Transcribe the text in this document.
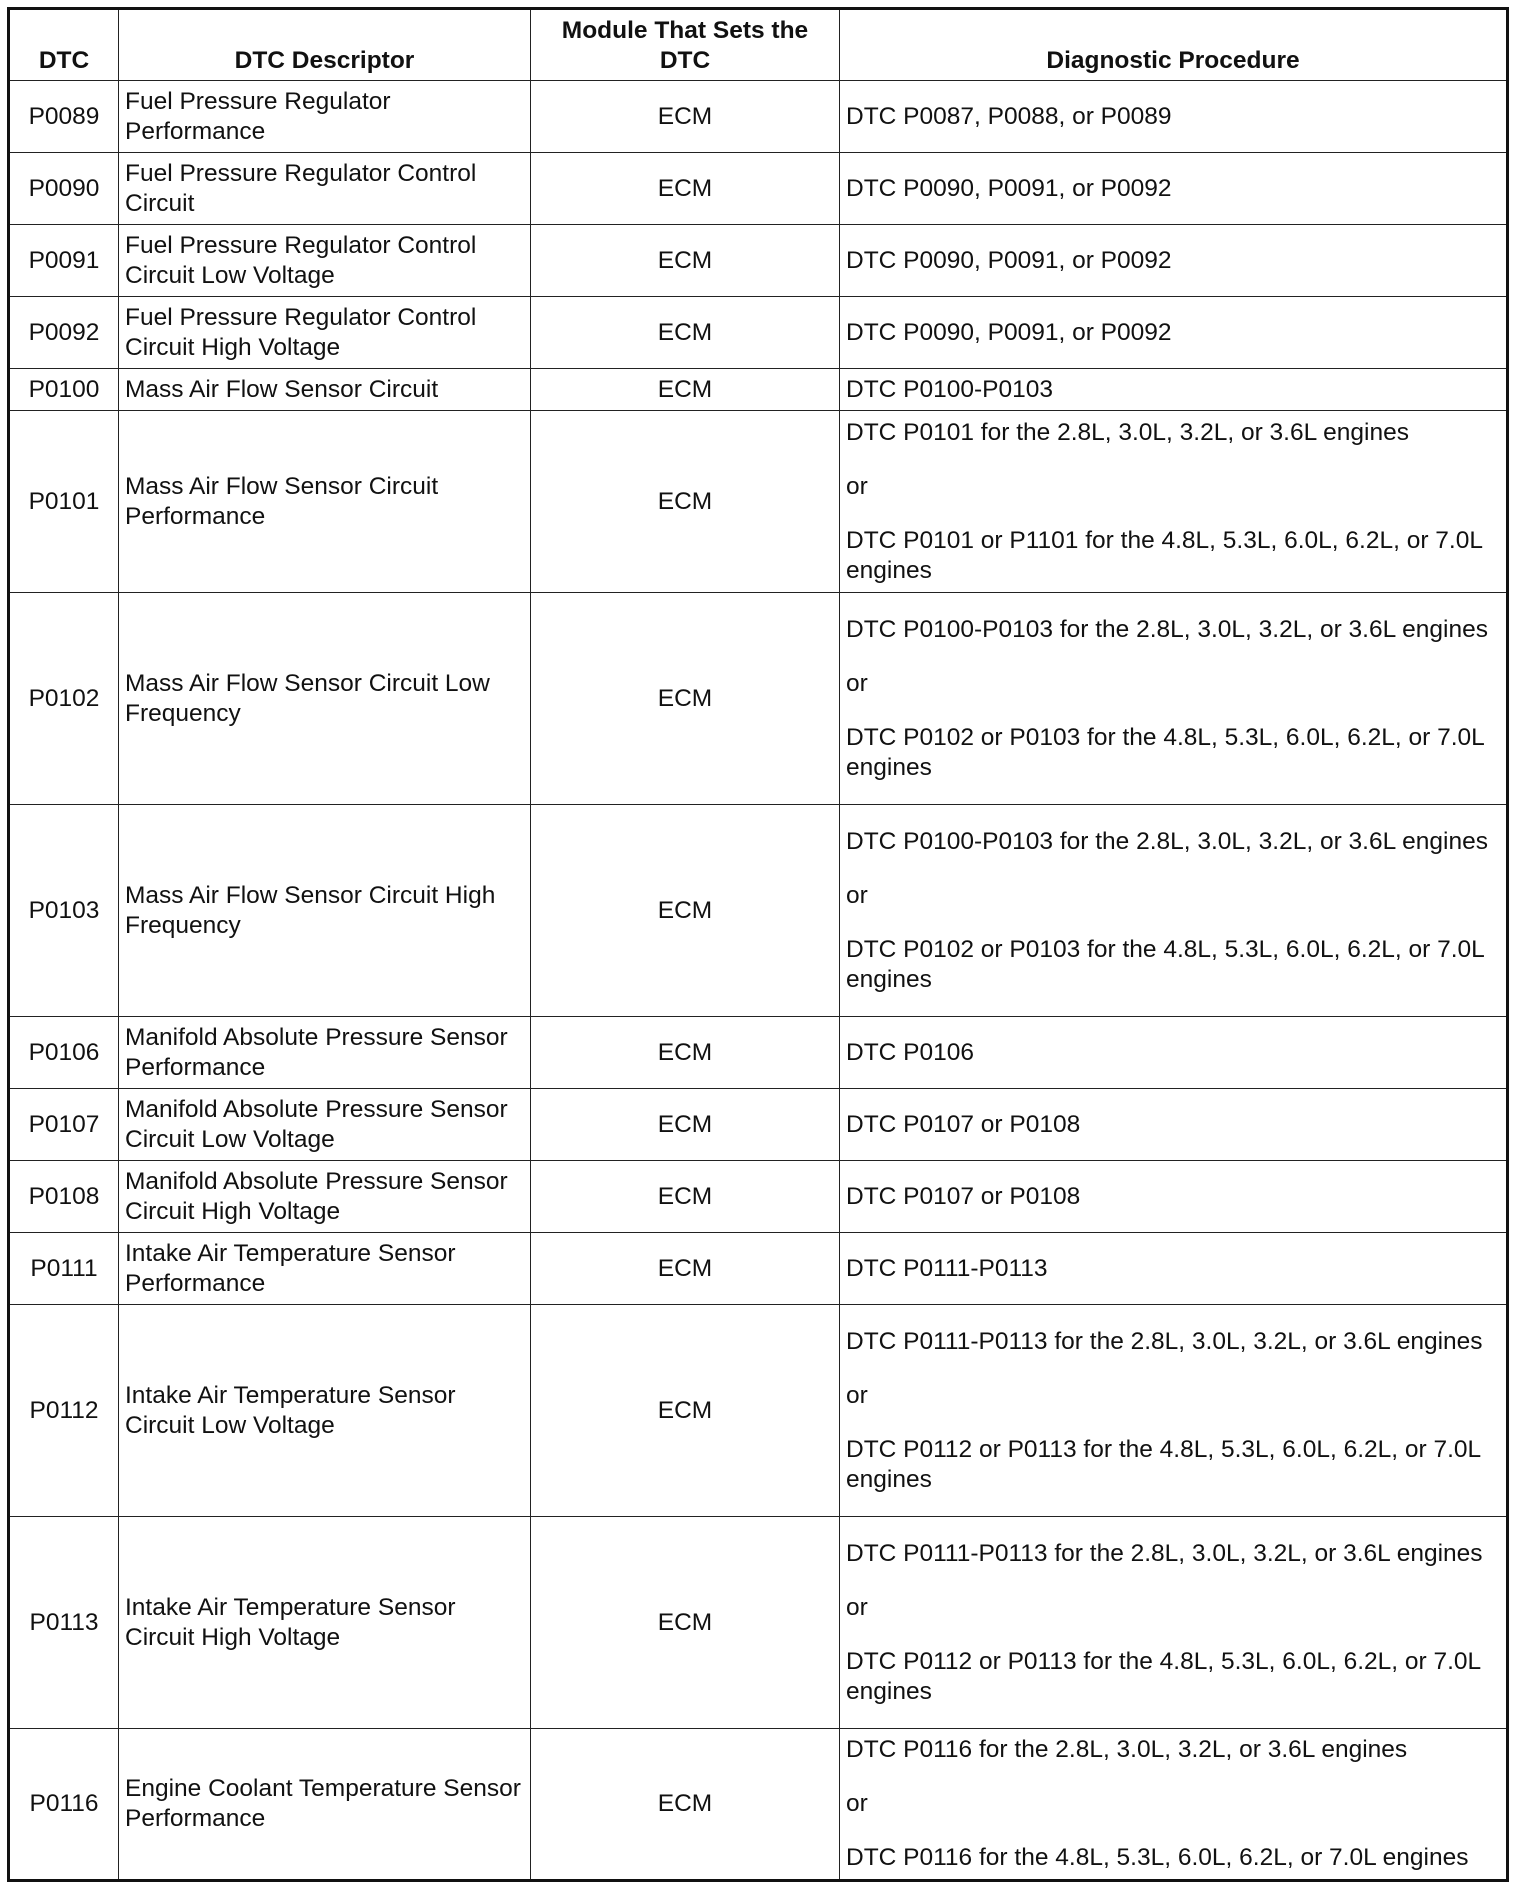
DTC	DTC Descriptor	Module That Sets the DTC	Diagnostic Procedure
P0089	Fuel Pressure Regulator Performance	ECM	DTC P0087, P0088, or P0089

P0090	Fuel Pressure Regulator Control Circuit	ECM	DTC P0090, P0091, or P0092

P0091	Fuel Pressure Regulator Control Circuit Low Voltage	ECM	DTC P0090, P0091, or P0092

P0092	Fuel Pressure Regulator Control Circuit High Voltage	ECM	DTC P0090, P0091, or P0092

P0100	Mass Air Flow Sensor Circuit	ECM	DTC P0100-P0103

P0101	Mass Air Flow Sensor Circuit Performance	ECM	DTC P0101 for the 2.8L, 3.0L, 3.2L, or 3.6L engines
or
DTC P0101 or P1101 for the 4.8L, 5.3L, 6.0L, 6.2L, or 7.0L engines

P0102	Mass Air Flow Sensor Circuit Low Frequency	ECM	DTC P0100-P0103 for the 2.8L, 3.0L, 3.2L, or 3.6L engines
or
DTC P0102 or P0103 for the 4.8L, 5.3L, 6.0L, 6.2L, or 7.0L engines

P0103	Mass Air Flow Sensor Circuit High Frequency	ECM	DTC P0100-P0103 for the 2.8L, 3.0L, 3.2L, or 3.6L engines
or
DTC P0102 or P0103 for the 4.8L, 5.3L, 6.0L, 6.2L, or 7.0L engines

P0106	Manifold Absolute Pressure Sensor Performance	ECM	DTC P0106

P0107	Manifold Absolute Pressure Sensor Circuit Low Voltage	ECM	DTC P0107 or P0108

P0108	Manifold Absolute Pressure Sensor Circuit High Voltage	ECM	DTC P0107 or P0108

P0111	Intake Air Temperature Sensor Performance	ECM	DTC P0111-P0113

P0112	Intake Air Temperature Sensor Circuit Low Voltage	ECM	DTC P0111-P0113 for the 2.8L, 3.0L, 3.2L, or 3.6L engines
or
DTC P0112 or P0113 for the 4.8L, 5.3L, 6.0L, 6.2L, or 7.0L engines

P0113	Intake Air Temperature Sensor Circuit High Voltage	ECM	DTC P0111-P0113 for the 2.8L, 3.0L, 3.2L, or 3.6L engines
or
DTC P0112 or P0113 for the 4.8L, 5.3L, 6.0L, 6.2L, or 7.0L engines

P0116	Engine Coolant Temperature Sensor Performance	ECM	DTC P0116 for the 2.8L, 3.0L, 3.2L, or 3.6L engines
or
DTC P0116 for the 4.8L, 5.3L, 6.0L, 6.2L, or 7.0L engines
